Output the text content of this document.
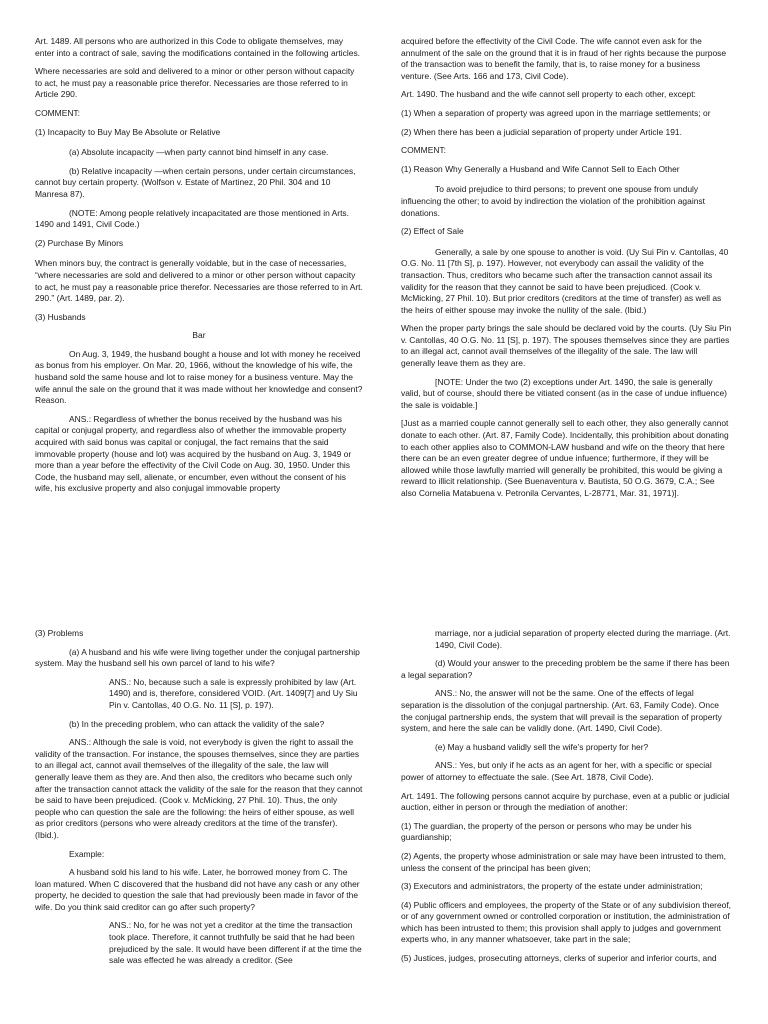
Art. 1489. All persons who are authorized in this Code to obligate themselves, may enter into a contract of sale, saving the modifications contained in the following articles.

Where necessaries are sold and delivered to a minor or other person without capacity to act, he must pay a reasonable price therefor. Necessaries are those referred to in Article 290.

COMMENT:

(1) Incapacity to Buy May Be Absolute or Relative

(a) Absolute incapacity —when party cannot bind himself in any case.

(b) Relative incapacity —when certain persons, under certain circumstances, cannot buy certain property. (Wolfson v. Estate of Martinez, 20 Phil. 304 and 10 Manresa 87).

(NOTE: Among people relatively incapacitated are those mentioned in Arts. 1490 and 1491, Civil Code.)

(2) Purchase By Minors

When minors buy, the contract is generally voidable, but in the case of necessaries, “where necessaries are sold and delivered to a minor or other person without capacity to act, he must pay a reasonable price therefor. Necessaries are those referred to in Art. 290.” (Art. 1489, par. 2).

(3) Husbands

Bar

On Aug. 3, 1949, the husband bought a house and lot with money he received as bonus from his employer. On Mar. 20, 1966, without the knowledge of his wife, the husband sold the same house and lot to raise money for a business venture. May the wife annul the sale on the ground that it was made without her knowledge and consent? Reason.

ANS.: Regardless of whether the bonus received by the husband was his capital or conjugal property, and regardless also of whether the immovable property acquired with said bonus was capital or conjugal, the fact remains that the said immovable property (house and lot) was acquired by the husband on Aug. 3, 1949 or more than a year before the effectivity of the Civil Code on Aug. 30, 1950. Under this Code, the husband may sell, alienate, or encumber, even without the consent of his wife, his exclusive property and also conjugal immovable property

acquired before the effectivity of the Civil Code. The wife cannot even ask for the annulment of the sale on the ground that it is in fraud of her rights because the purpose of the transaction was to benefit the family, that is, to raise money for a business venture. (See Arts. 166 and 173, Civil Code).

Art. 1490. The husband and the wife cannot sell property to each other, except:

(1) When a separation of property was agreed upon in the marriage settlements; or

(2) When there has been a judicial separation of property under Article 191.

COMMENT:

(1) Reason Why Generally a Husband and Wife Cannot Sell to Each Other

To avoid prejudice to third persons; to prevent one spouse from unduly influencing the other; to avoid by indirection the violation of the prohibition against donations.

(2) Effect of Sale

Generally, a sale by one spouse to another is void. (Uy Sui Pin v. Cantollas, 40 O.G. No. 11 [7th S], p. 197). However, not everybody can assail the validity of the transaction. Thus, creditors who became such after the transaction cannot assail its validity for the reason that they cannot be said to have been prejudiced. (Cook v. McMicking, 27 Phil. 10). But prior creditors (creditors at the time of transfer) as well as the heirs of either spouse may invoke the nullity of the sale. (Ibid.)

When the proper party brings the sale should be declared void by the courts. (Uy Siu Pin v. Cantollas, 40 O.G. No. 11 [S], p. 197). The spouses themselves since they are parties to an illegal act, cannot avail themselves of the illegality of the sale. The law will generally leave them as they are.

[NOTE: Under the two (2) exceptions under Art. 1490, the sale is generally valid, but of course, should there be vitiated consent (as in the case of undue influence) the sale is voidable.]

[Just as a married couple cannot generally sell to each other, they also generally cannot donate to each other. (Art. 87, Family Code). Incidentally, this prohibition about donating to each other applies also to COMMON-LAW husband and wife on the theory that here there can be an even greater degree of undue infuence; furthermore, if they will be allowed while those lawfully married will generally be prohibited, this would be giving a reward to illicit relationship. (See Buenaventura v. Bautista, 50 O.G. 3679, C.A.; See also Cornelia Matabuena v. Petronila Cervantes, L-28771, Mar. 31, 1971)].

(3) Problems

(a) A husband and his wife were living together under the conjugal partnership system. May the husband sell his own parcel of land to his wife?

ANS.: No, because such a sale is expressly prohibited by law (Art. 1490) and is, therefore, considered VOID. (Art. 1409[7] and Uy Siu Pin v. Cantollas, 40 O.G. No. 11 [S], p. 197).

(b) In the preceding problem, who can attack the validity of the sale?

ANS.: Although the sale is void, not everybody is given the right to assail the validity of the transaction. For instance, the spouses themselves, since they are parties to an illegal act, cannot avail themselves of the illegality of the sale, the law will generally leave them as they are. And then also, the creditors who became such only after the transaction cannot attack the validity of the sale for the reason that they cannot be said to have been prejudiced. (Cook v. McMicking, 27 Phil. 10). Thus, the only people who can question the sale are the following: the heirs of either spouse, as well as prior creditors (persons who were already creditors at the time of the transfer). (Ibid.).

Example:

A husband sold his land to his wife. Later, he borrowed money from C. The loan matured. When C discovered that the husband did not have any cash or any other property, he decided to question the sale that had previously been made in favor of the wife. Do you think said creditor can go after such property?

ANS.: No, for he was not yet a creditor at the time the transaction took place. Therefore, it cannot truthfully be said that he had been prejudiced by the sale. It would have been different if at the time the sale was effected he was already a creditor. (See

marriage, nor a judicial separation of property elected during the marriage. (Art. 1490, Civil Code).

(d) Would your answer to the preceding problem be the same if there has been a legal separation?

ANS.: No, the answer will not be the same. One of the effects of legal separation is the dissolution of the conjugal partnership. (Art. 63, Family Code). Once the conjugal partnership ends, the system that will prevail is the separation of property system, and here the sale can be validly done. (Art. 1490, Civil Code).

(e) May a husband validly sell the wife’s property for her?

ANS.: Yes, but only if he acts as an agent for her, with a specific or special power of attorney to effectuate the sale. (See Art. 1878, Civil Code).

Art. 1491. The following persons cannot acquire by purchase, even at a public or judicial auction, either in person or through the mediation of another:

(1) The guardian, the property of the person or persons who may be under his guardianship;

(2) Agents, the property whose administration or sale may have been intrusted to them, unless the consent of the principal has been given;

(3) Executors and administrators, the property of the estate under administration;

(4) Public officers and employees, the property of the State or of any subdivision thereof, or of any government owned or controlled corporation or institution, the administration of which has been intrusted to them; this provision shall apply to judges and government experts who, in any manner whatsoever, take part in the sale;

(5) Justices, judges, prosecuting attorneys, clerks of superior and inferior courts, and
